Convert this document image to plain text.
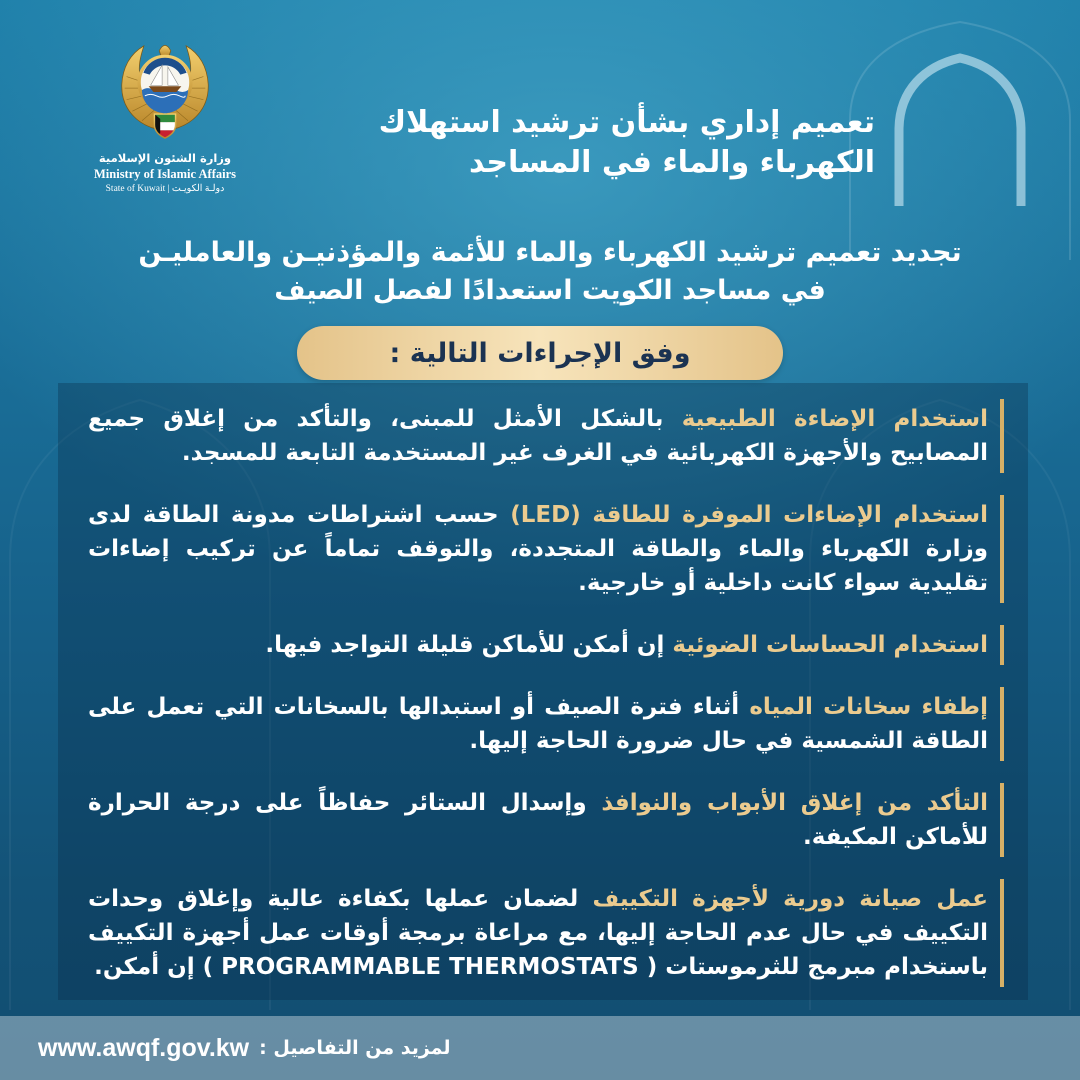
وزارة الشئون الإسلامية
Ministry of Islamic Affairs
State of Kuwait | دولـة الكويـت
تعميم إداري بشأن ترشيد استهلاك
الكهرباء والماء في المساجد
تجديد تعميم ترشيد الكهرباء والماء للأئمة والمؤذنيـن والعامليـن
في مساجد الكويت استعدادًا لفصل الصيف
وفق الإجراءات التالية :
استخدام الإضاءة الطبيعية بالشكل الأمثل للمبنى، والتأكد من إغلاق جميع المصابيح والأجهزة الكهربائية في الغرف غير المستخدمة التابعة للمسجد.
استخدام الإضاءات الموفرة للطاقة (LED) حسب اشتراطات مدونة الطاقة لدى وزارة الكهرباء والماء والطاقة المتجددة، والتوقف تماماً عن تركيب إضاءات تقليدية سواء كانت داخلية أو خارجية.
استخدام الحساسات الضوئية إن أمكن للأماكن قليلة التواجد فيها.
إطفاء سخانات المياه أثناء فترة الصيف أو استبدالها بالسخانات التي تعمل على الطاقة الشمسية في حال ضرورة الحاجة إليها.
التأكد من إغلاق الأبواب والنوافذ وإسدال الستائر حفاظاً على درجة الحرارة للأماكن المكيفة.
عمل صيانة دورية لأجهزة التكييف لضمان عملها بكفاءة عالية وإغلاق وحدات التكييف في حال عدم الحاجة إليها، مع مراعاة برمجة أوقات عمل أجهزة التكييف باستخدام مبرمج للثرموستات ( PROGRAMMABLE THERMOSTATS ) إن أمكن.
www.awqf.gov.kw لمزيد من التفاصيل :
